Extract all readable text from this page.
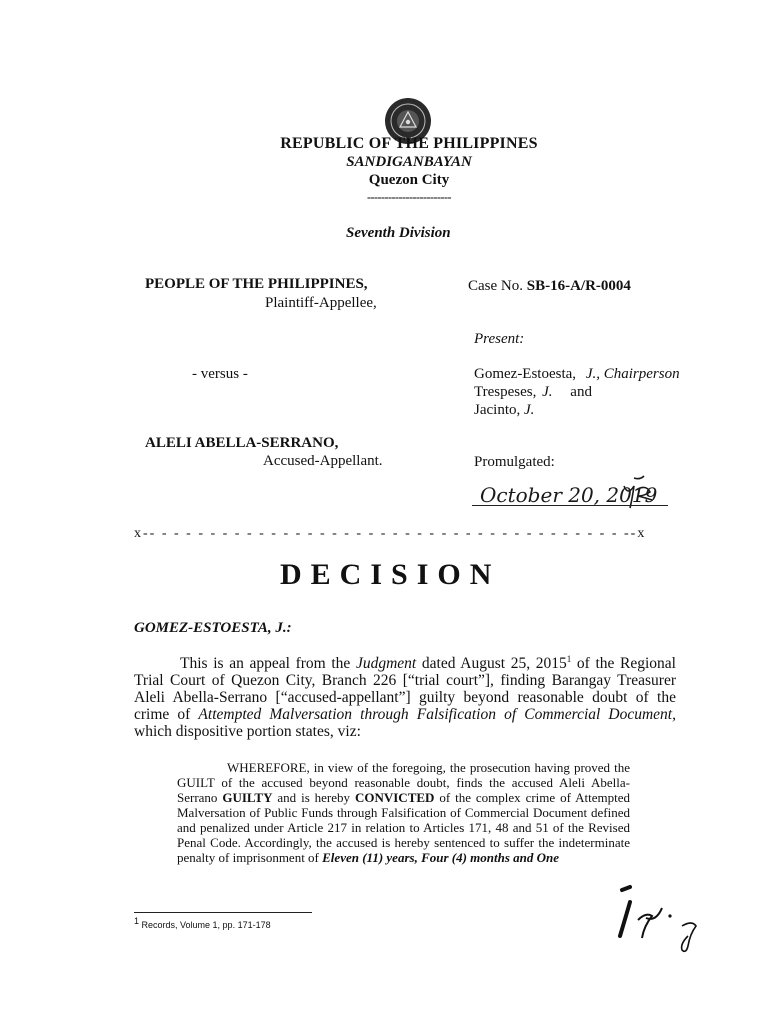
REPUBLIC OF THE PHILIPPINES
SANDIGANBAYAN
Quezon City
------------------------
Seventh Division
PEOPLE OF THE PHILIPPINES,
Plaintiff-Appellee,
- versus -
ALELI ABELLA-SERRANO,
Accused-Appellant.
Case No. SB-16-A/R-0004
Present:
Gomez-Estoesta, J., Chairperson
Trespeses, J. and
Jacinto, J.
Promulgated:
October 20, 2019
x-- - - - - - - - - - - - - - - - - - - - - - - - - - - - - - - - - - - - - - - --x
DECISION
GOMEZ-ESTOESTA, J.:

This is an appeal from the Judgment dated August 25, 2015$^1$ of the Regional Trial Court of Quezon City, Branch 226 [“trial court”], finding Barangay Treasurer Aleli Abella-Serrano [“accused-appellant”] guilty beyond reasonable doubt of the crime of Attempted Malversation through Falsification of Commercial Document, which dispositive portion states, viz:

WHEREFORE, in view of the foregoing, the prosecution having proved the GUILT of the accused beyond reasonable doubt, finds the accused Aleli Abella-Serrano GUILTY and is hereby CONVICTED of the complex crime of Attempted Malversation of Public Funds through Falsification of Commercial Document defined and penalized under Article 217 in relation to Articles 171, 48 and 51 of the Revised Penal Code. Accordingly, the accused is hereby sentenced to suffer the indeterminate penalty of imprisonment of Eleven (11) years, Four (4) months and One

$^1$ Records, Volume 1, pp. 171-178
